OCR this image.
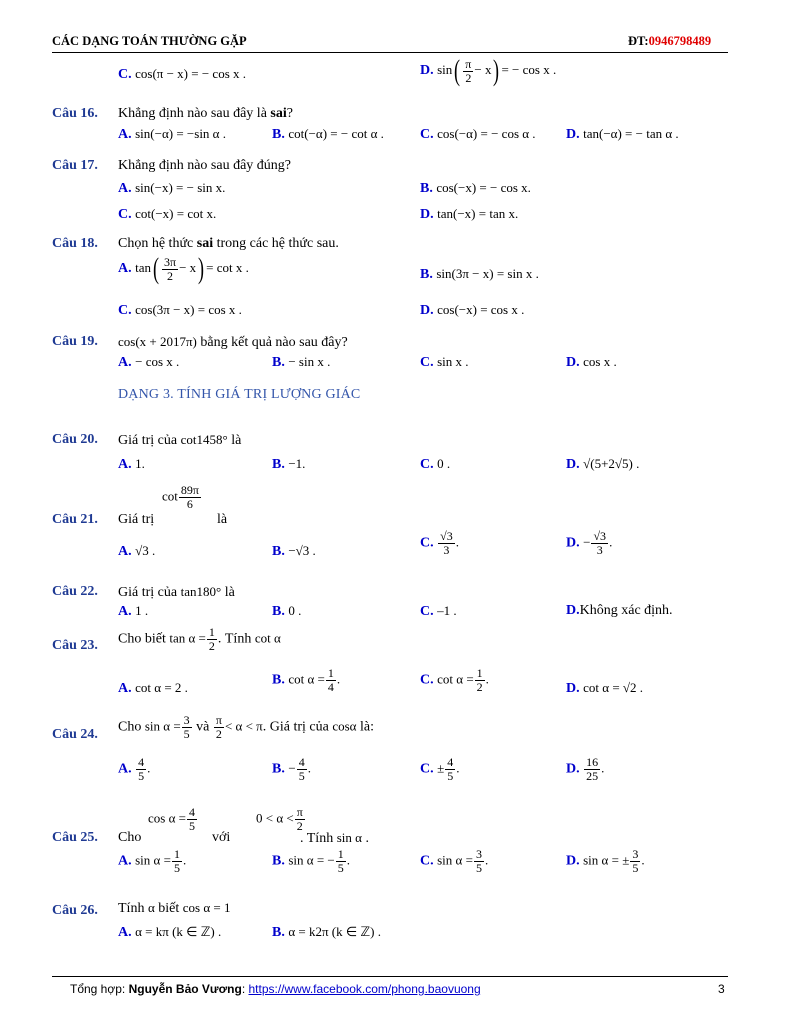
CÁC DẠNG TOÁN THƯỜNG GẶP	ĐT:0946798489
C. cos(π − x) = − cos x .	D. $\sin( \frac{\pi}{2} - x)$ = − cos x .
Câu 16. Khẳng định nào sau đây là sai?
A. sin(−α) = −sin α .	B. cot(−α) = − cot α .	C. cos(−α) = − cos α . D. tan(−α) = − tan α .
Câu 17. Khẳng định nào sau đây đúng?
A. sin(−x) = − sin x.	B. cos(−x) = − cos x.
C. cot(−x) = cot x.	D. tan(−x) = tan x.
Câu 18. Chọn hệ thức sai trong các hệ thức sau.
A. $\tan( \frac{3\pi}{2} - x) = \cot x$ .	B. sin(3π − x) = sin x .
C. cos(3π − x) = cos x .	D. cos(−x) = cos x .
Câu 19. cos(x + 2017π) bằng kết quả nào sau đây?
A. − cos x .	B. − sin x .	C. sin x .	D. cos x .
DẠNG 3. TÍNH GIÁ TRỊ LƯỢNG GIÁC
Câu 20. Giá trị của cot1458° là
A. 1.	B. −1.	C. 0 .	D. √(5+2√5) .
Câu 21. Giá trị
$\cot \frac{89\pi}{6}$
là
A. √3 .	B. −√3 .
C. $\frac{√3}{3}$ .	D. − $\frac{√3}{3}$ .
Câu 22. Giá trị của tan180° là
A. 1 .	B. 0 .	C. –1 .	D.Không xác định.
Câu 23. Cho biết $\tan \alpha = \frac{1}{2}$ . Tính cot α
A. cot α = 2 .
B. $\cot \alpha = \frac{1}{4}$ .	C. $\cot \alpha = \frac{1}{2}$ .
D. cot α = √2 .
Câu 24.
Cho $\sin \alpha = \frac{3}{5}$ và $\frac{\pi}{2} < \alpha < \pi$. Giá trị của cosα là:
A. $\frac{4}{5}$ .	B. − $\frac{4}{5}$ .	C. ± $\frac{4}{5}$ .	D. $\frac{16}{25}$ .
Câu 25. Cho
$\cos \alpha = \frac{4}{5}$
với
$0 < \alpha < \frac{\pi}{2}$
. Tính sin α .
A. $\sin \alpha = \frac{1}{5}$ .	B. sin α = − $\frac{1}{5}$ .	C. $\sin \alpha = \frac{3}{5}$ .	D. sin α = ± $\frac{3}{5}$ .
Câu 26. Tính α biết cos α = 1
A. α = kπ (k ∈ ℤ) .	B. α = k2π (k ∈ ℤ) .
Tổng hợp: Nguyễn Bảo Vương: https://www.facebook.com/phong.baovuong	3
